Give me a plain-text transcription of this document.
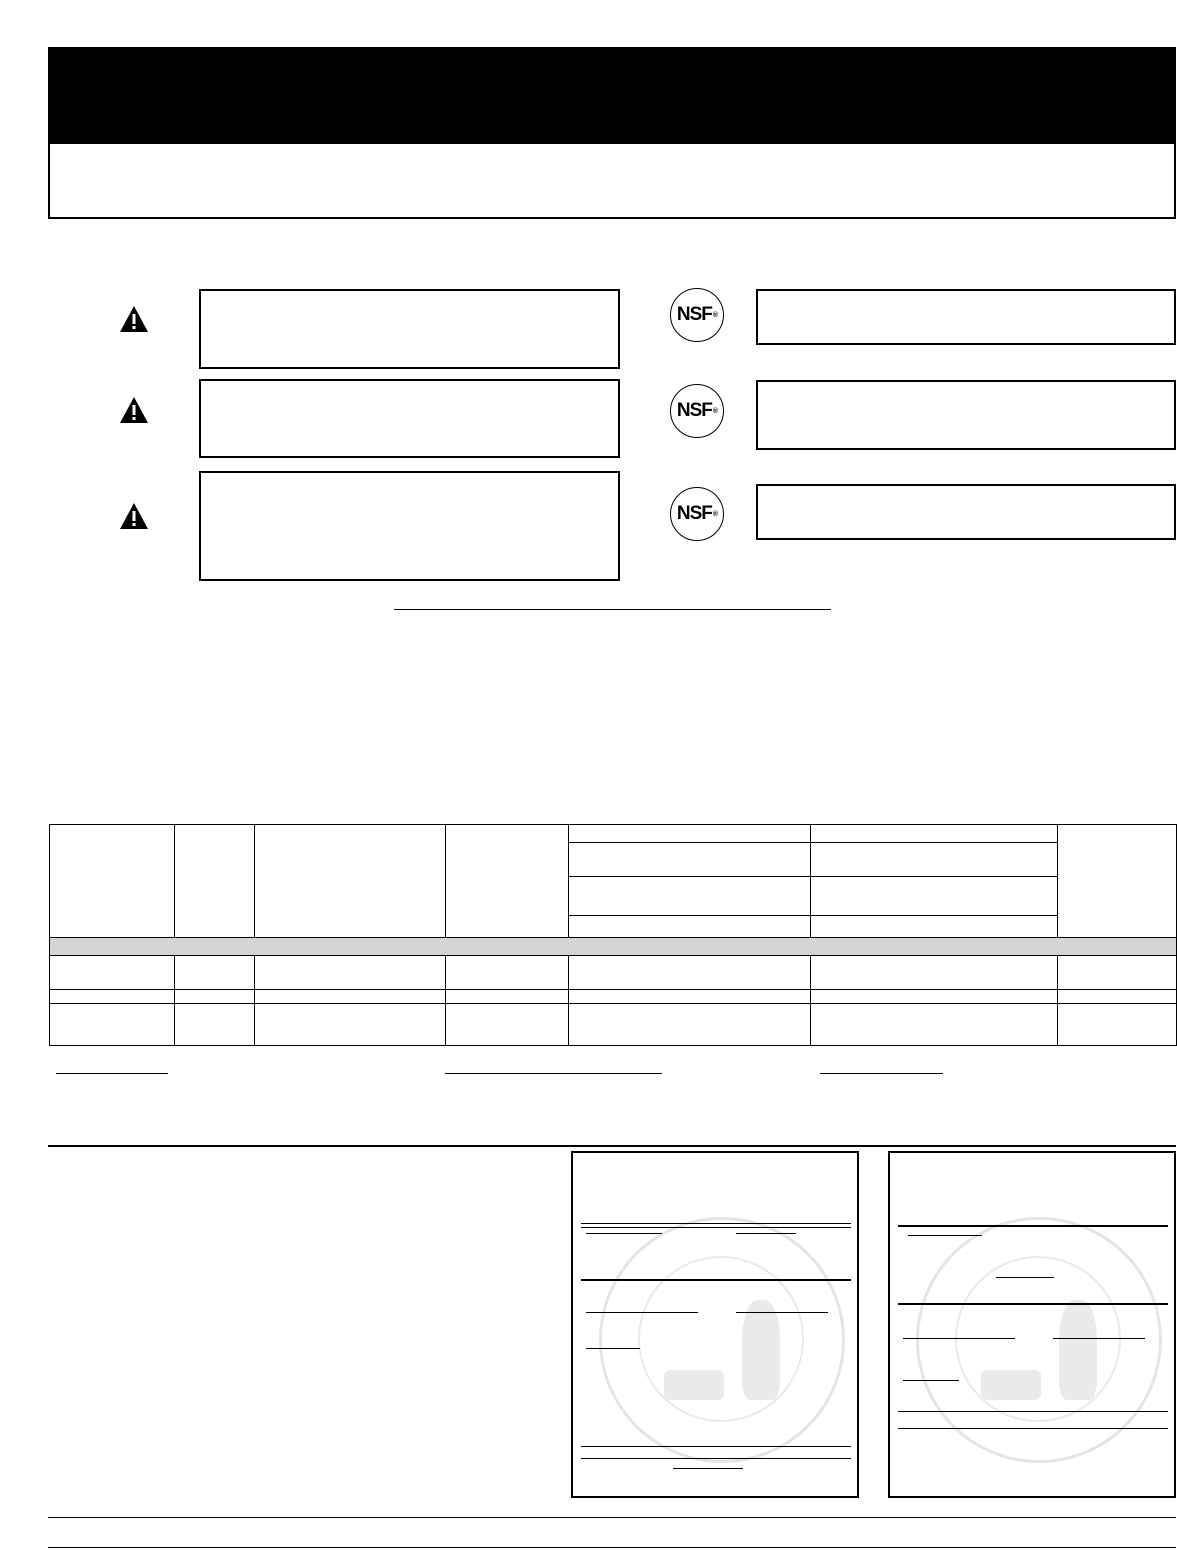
NSF ®
NSF ®
NSF ®
